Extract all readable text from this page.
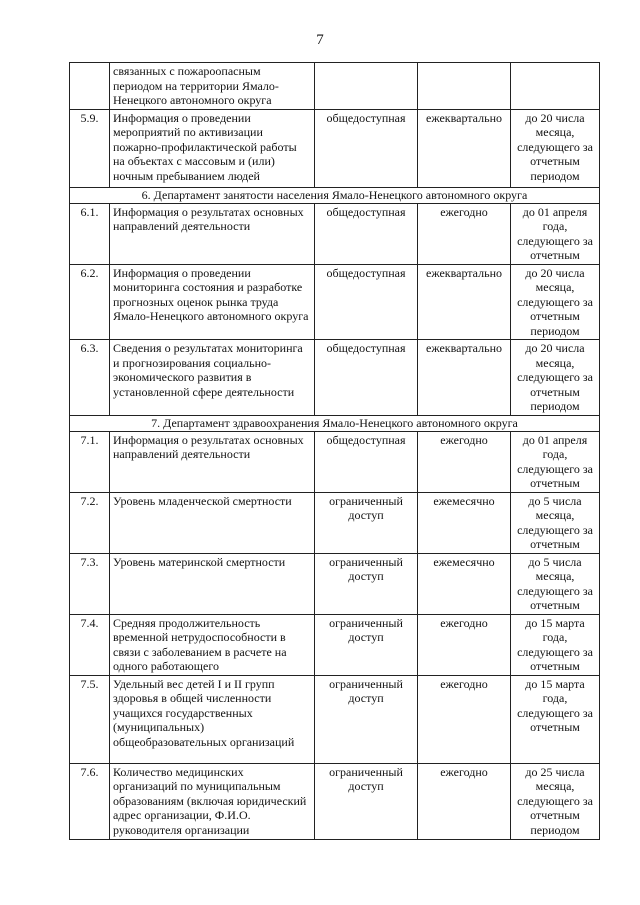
7
	связанных с пожароопасным периодом на территории Ямало-Ненецкого автономного округа			
5.9.	Информация о проведении мероприятий по активизации пожарно-профилактической работы на объектах с массовым и (или) ночным пребыванием людей	общедоступная	ежеквартально	до 20 числа месяца, следующего за отчетным периодом
6. Департамент занятости населения Ямало-Ненецкого автономного округа				
6.1.	Информация о результатах основных направлений деятельности	общедоступная	ежегодно	до 01 апреля года, следующего за отчетным
6.2.	Информация о проведении мониторинга состояния и разработке прогнозных оценок рынка труда Ямало-Ненецкого автономного округа	общедоступная	ежеквартально	до 20 числа месяца, следующего за отчетным периодом
6.3.	Сведения о результатах мониторинга и прогнозирования социально-экономического развития в установленной сфере деятельности	общедоступная	ежеквартально	до 20 числа месяца, следующего за отчетным периодом
7. Департамент здравоохранения Ямало-Ненецкого автономного округа				
7.1.	Информация о результатах основных направлений деятельности	общедоступная	ежегодно	до 01 апреля года, следующего за отчетным
7.2.	Уровень младенческой смертности	ограниченный доступ	ежемесячно	до 5 числа месяца, следующего за отчетным
7.3.	Уровень материнской смертности	ограниченный доступ	ежемесячно	до 5 числа месяца, следующего за отчетным
7.4.	Средняя продолжительность временной нетрудоспособности в связи с заболеванием в расчете на одного работающего	ограниченный доступ	ежегодно	до 15 марта года, следующего за отчетным
7.5.	Удельный вес детей I и II групп здоровья в общей численности учащихся государственных (муниципальных) общеобразовательных организаций	ограниченный доступ	ежегодно	до 15 марта года, следующего за отчетным
7.6.	Количество медицинских организаций по муниципальным образованиям (включая юридический адрес организации, Ф.И.О. руководителя организации	ограниченный доступ	ежегодно	до 25 числа месяца, следующего за отчетным периодом
